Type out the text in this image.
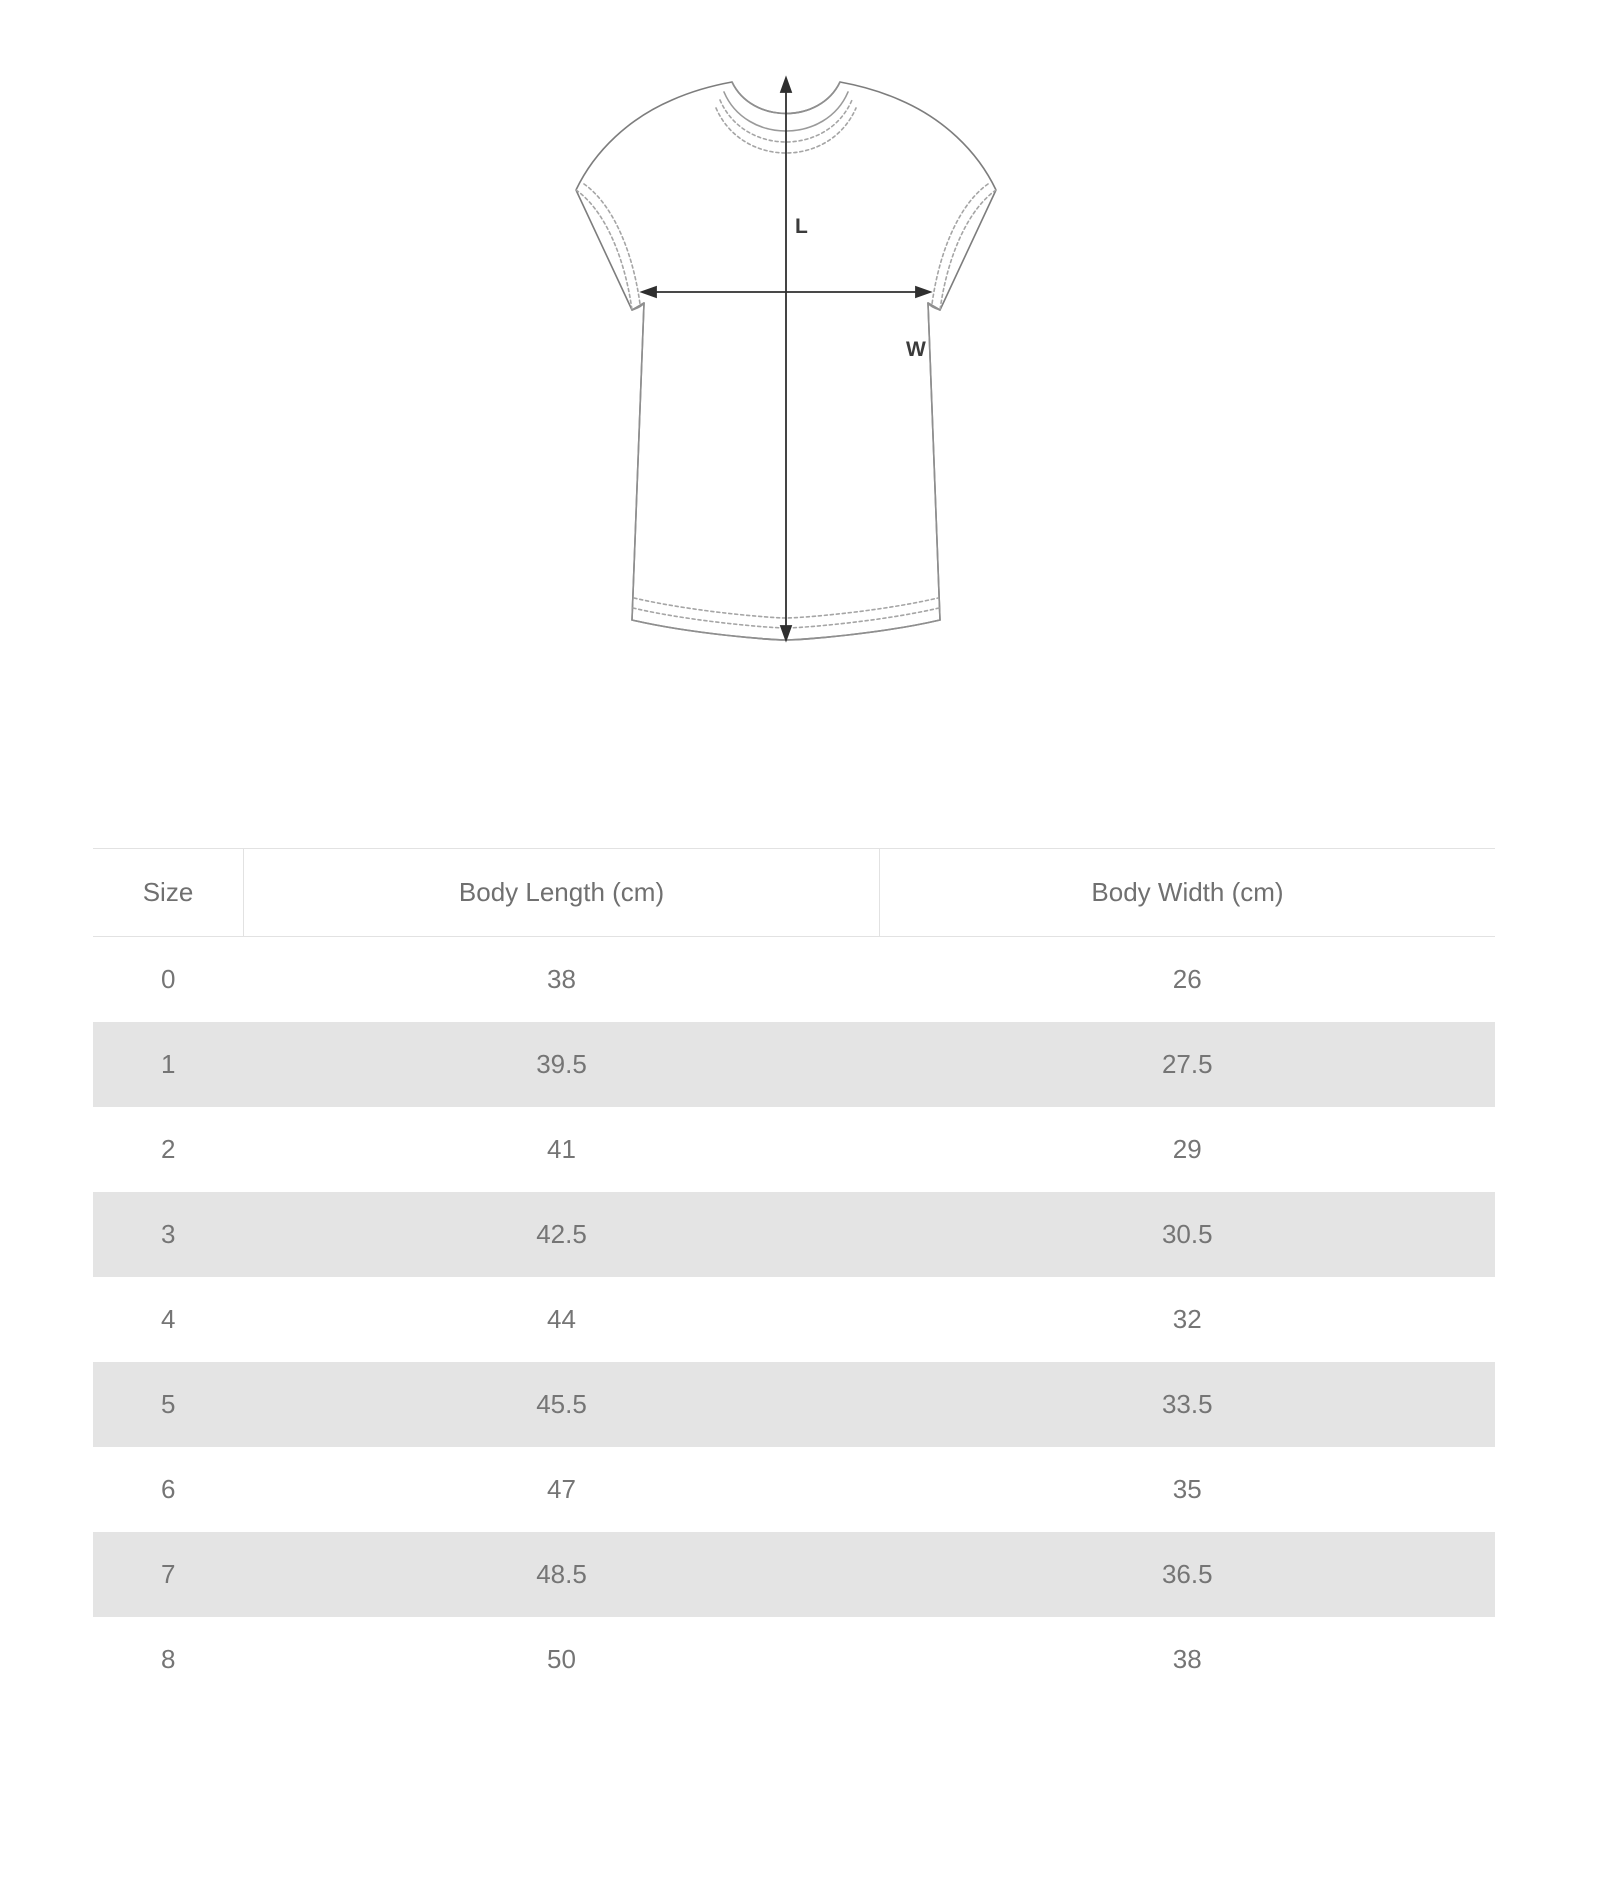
L
W
Size	Body Length (cm)	Body Width (cm)
0	38	26
1	39.5	27.5
2	41	29
3	42.5	30.5
4	44	32
5	45.5	33.5
6	47	35
7	48.5	36.5
8	50	38
